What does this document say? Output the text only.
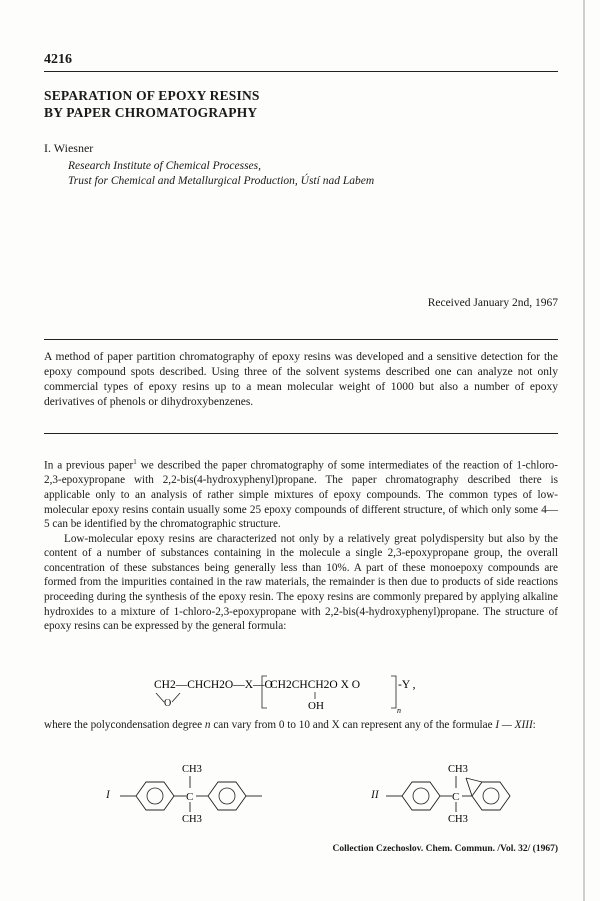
4216
SEPARATION OF EPOXY RESINS
BY PAPER CHROMATOGRAPHY
I. Wiesner
Research Institute of Chemical Processes,
Trust for Chemical and Metallurgical Production, Ústí nad Labem
Received January 2nd, 1967
A method of paper partition chromatography of epoxy resins was developed and a sensitive detection for the epoxy compound spots described. Using three of the solvent systems described one can analyze not only commercial types of epoxy resins up to a mean molecular weight of 1000 but also a number of epoxy derivatives of phenols or dihydroxybenzenes.

In a previous paper$^1$ we described the paper chromatography of some intermediates of the reaction of 1-chloro-2,3-epoxypropane with 2,2-bis(4-hydroxyphenyl)propane. The paper chromatography described there is applicable only to an analysis of rather simple mixtures of epoxy compounds. The common types of low-molecular epoxy resins contain usually some 25 epoxy compounds of different structure, of which only some 4— 5 can be identified by the chromatographic structure.

Low-molecular epoxy resins are characterized not only by a relatively great polydispersity but also by the content of a number of substances containing in the molecule a single 2,3-epoxypropane group, the overall concentration of these substances being generally less than 10%. A part of these monoepoxy compounds are formed from the impurities contained in the raw materials, the remainder is then due to products of side reactions proceeding during the synthesis of the epoxy resin. The epoxy resins are commonly prepared by applying alkaline hydroxides to a mixture of 1-chloro-2,3-epoxypropane with 2,2-bis(4-hydroxyphenyl)propane. The structure of epoxy resins can be expressed by the general formula:

CH2—CHCH2O—X—O
O
CH2CHCH2O X O
OH	n
-Y ,
where the polycondensation degree n can vary from 0 to 10 and X can represent any of the formulae I — XIII:
I	C
CH3
CH3
II	C
CH3
CH3
Collection Czechoslov. Chem. Commun. /Vol. 32/ (1967)
